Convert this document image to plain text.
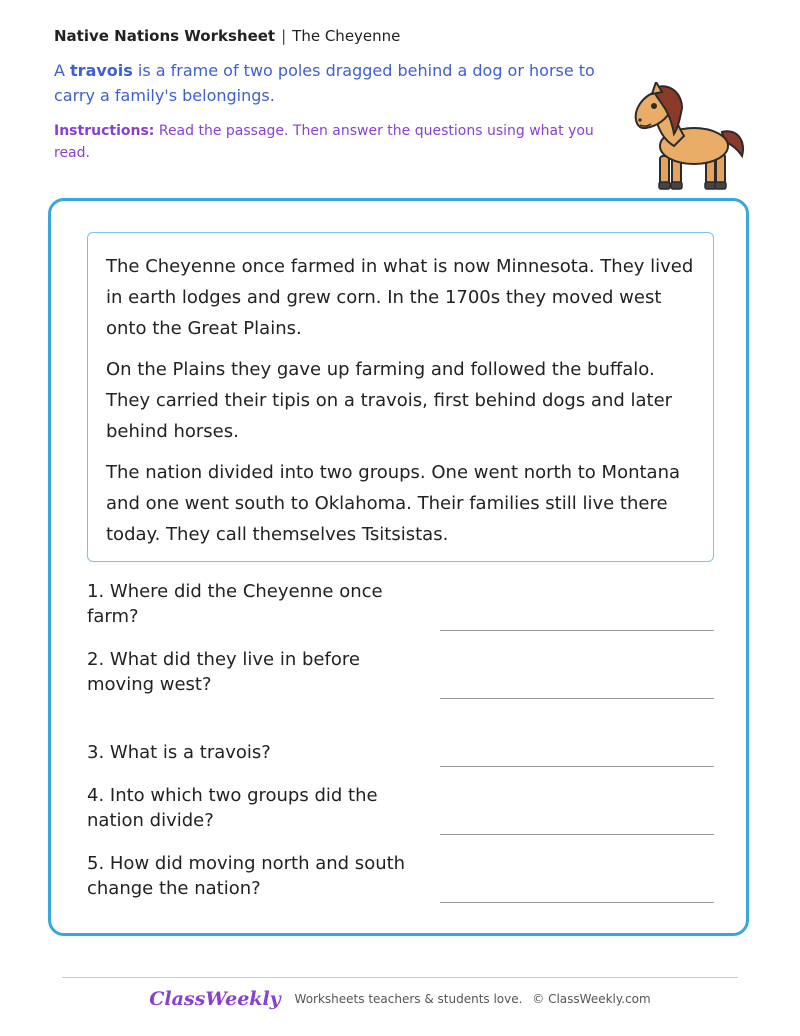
Native Nations Worksheet | The Cheyenne
A travois is a frame of two poles dragged behind a dog or horse to carry a family's belongings.
Instructions: Read the passage. Then answer the questions using what you read.

The Cheyenne once farmed in what is now Minnesota. They lived in earth lodges and grew corn. In the 1700s they moved west onto the Great Plains.

On the Plains they gave up farming and followed the buffalo. They carried their tipis on a travois, first behind dogs and later behind horses.

The nation divided into two groups. One went north to Montana and one went south to Oklahoma. Their families still live there today. They call themselves Tsitsistas.

1. Where did the Cheyenne once farm?
2. What did they live in before moving west?
3. What is a travois?
4. Into which two groups did the nation divide?
5. How did moving north and south change the nation?
ClassWeekly Worksheets teachers & students love. © ClassWeekly.com
